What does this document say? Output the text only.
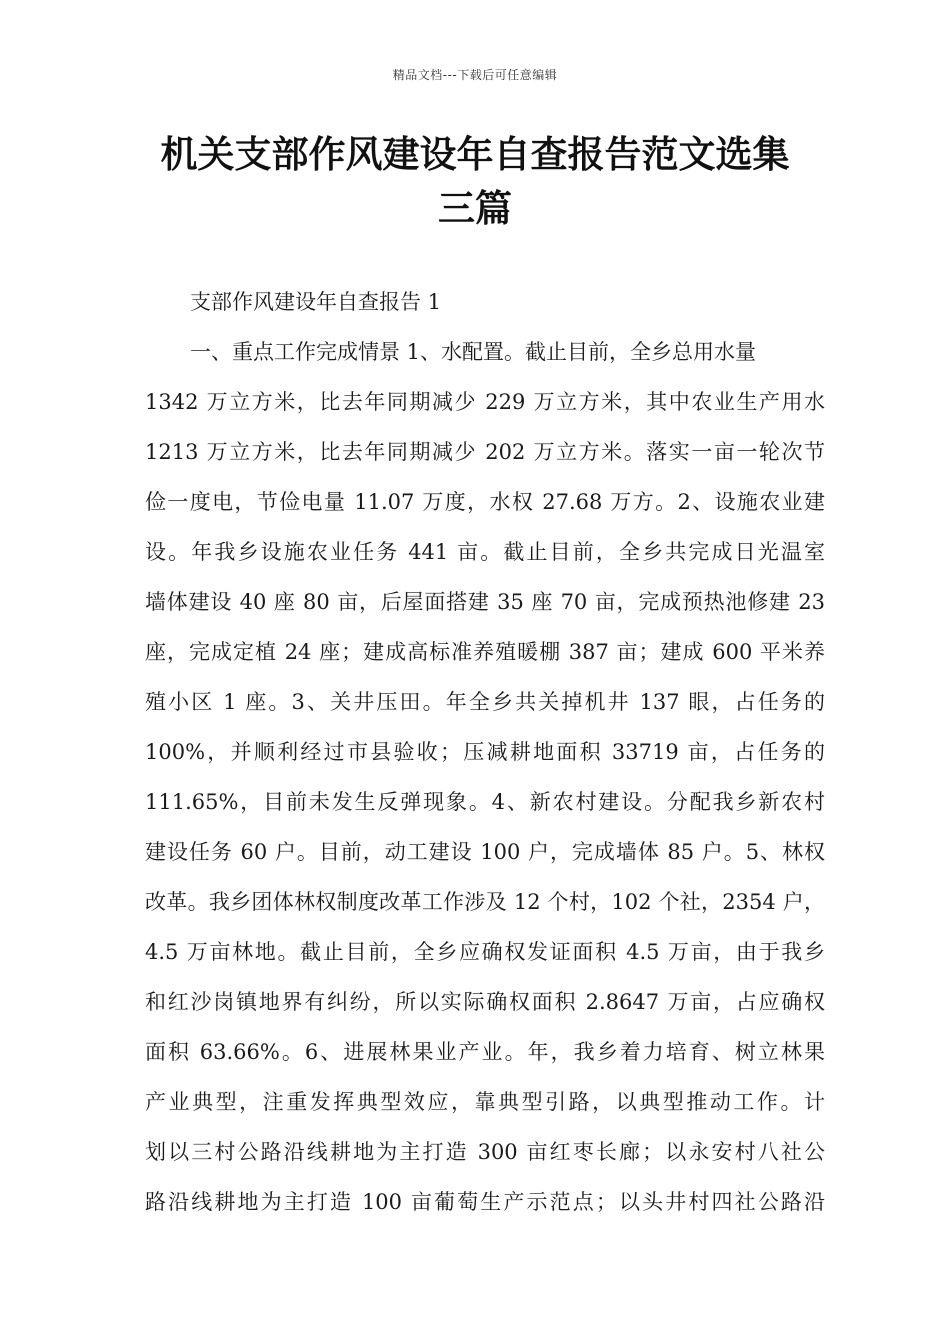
精品文档---下载后可任意编辑
机关支部作风建设年自查报告范文选集
三篇
支部作风建设年自查报告 1
一、重点工作完成情景 1、水配置。截止目前，全乡总用水量
1342 万立方米，比去年同期减少 229 万立方米，其中农业生产用水
1213 万立方米，比去年同期减少 202 万立方米。落实一亩一轮次节
俭一度电，节俭电量 11.07 万度，水权 27.68 万方。2、设施农业建
设。年我乡设施农业任务 441 亩。截止目前，全乡共完成日光温室
墙体建设 40 座 80 亩，后屋面搭建 35 座 70 亩，完成预热池修建 23
座，完成定植 24 座；建成高标准养殖暖棚 387 亩；建成 600 平米养
殖小区 1 座。3、关井压田。年全乡共关掉机井 137 眼，占任务的
100%，并顺利经过市县验收；压减耕地面积 33719 亩，占任务的
111.65%，目前未发生反弹现象。4、新农村建设。分配我乡新农村
建设任务 60 户。目前，动工建设 100 户，完成墙体 85 户。5、林权
改革。我乡团体林权制度改革工作涉及 12 个村，102 个社，2354 户，
4.5 万亩林地。截止目前，全乡应确权发证面积 4.5 万亩，由于我乡
和红沙岗镇地界有纠纷，所以实际确权面积 2.8647 万亩，占应确权
面积 63.66%。6、进展林果业产业。年，我乡着力培育、树立林果
产业典型，注重发挥典型效应，靠典型引路，以典型推动工作。计
划以三村公路沿线耕地为主打造 300 亩红枣长廊；以永安村八社公
路沿线耕地为主打造 100 亩葡萄生产示范点；以头井村四社公路沿
